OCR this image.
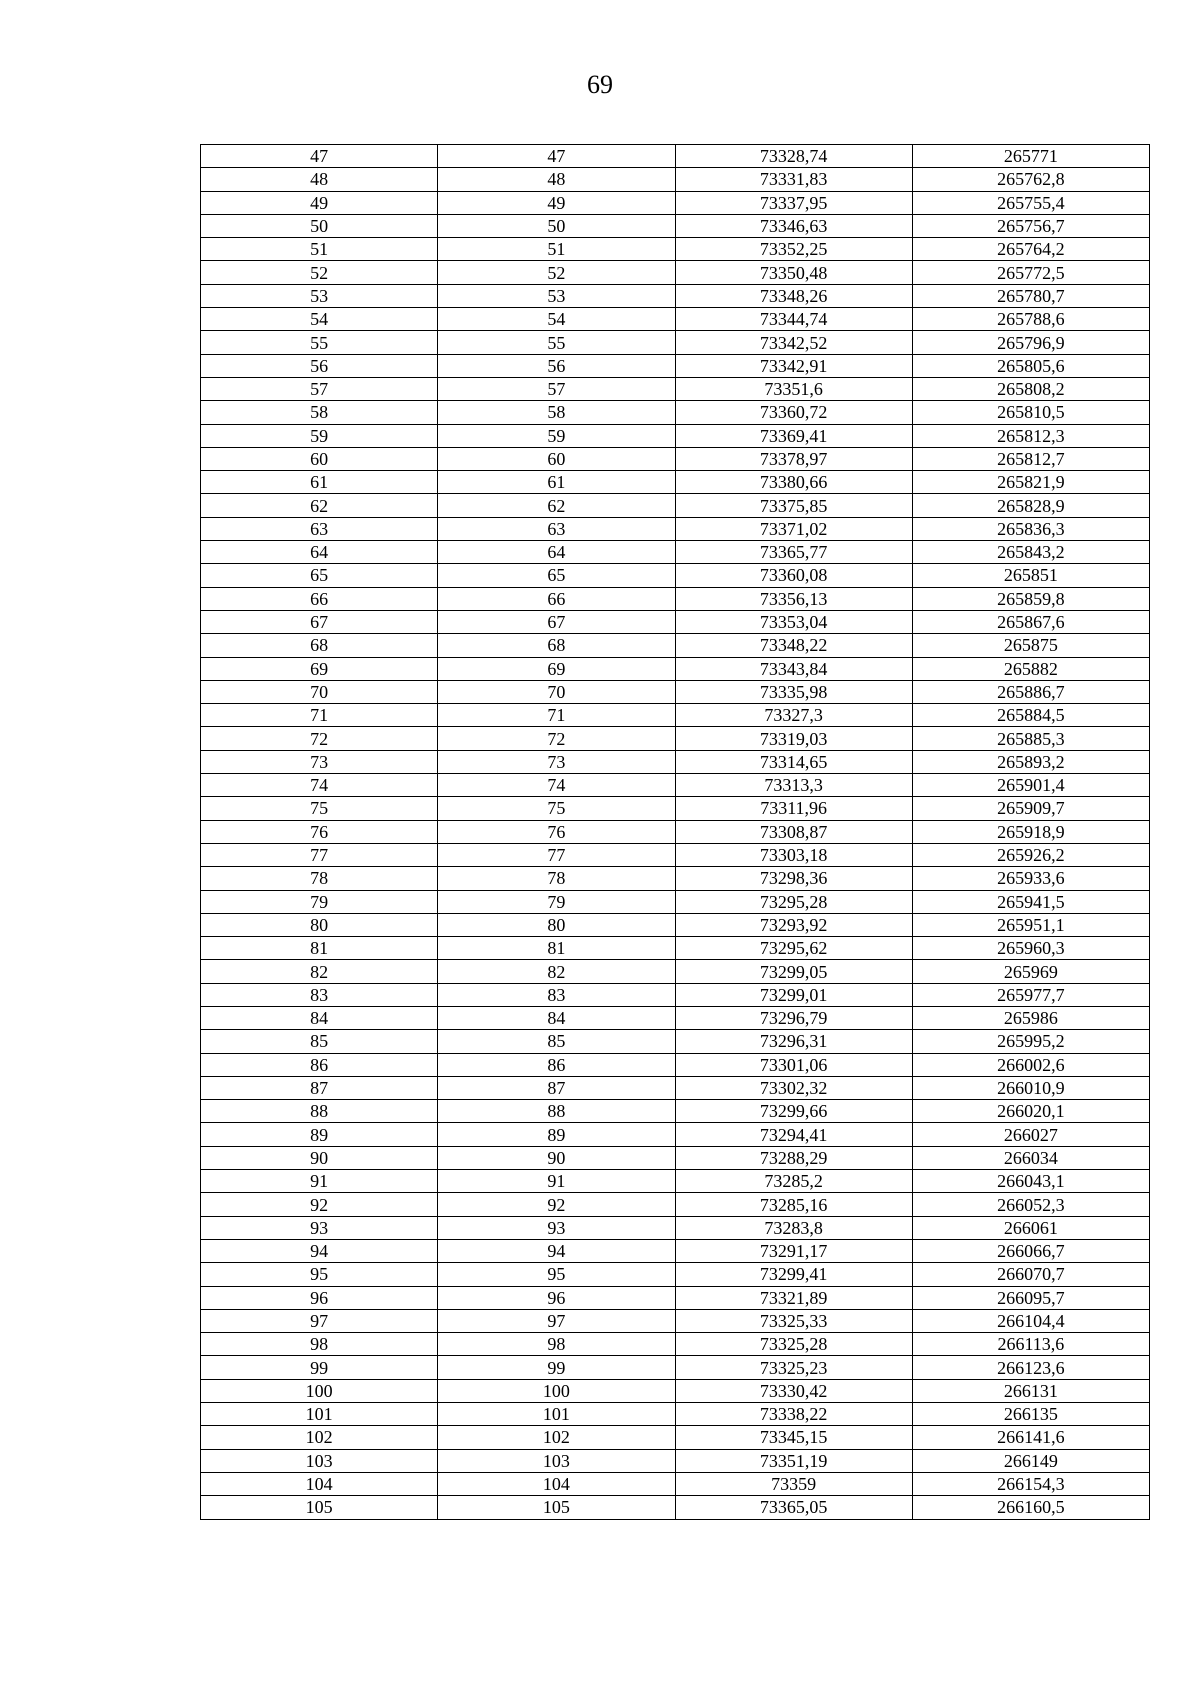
69
47	47	73328,74	265771
48	48	73331,83	265762,8
49	49	73337,95	265755,4
50	50	73346,63	265756,7
51	51	73352,25	265764,2
52	52	73350,48	265772,5
53	53	73348,26	265780,7
54	54	73344,74	265788,6
55	55	73342,52	265796,9
56	56	73342,91	265805,6
57	57	73351,6	265808,2
58	58	73360,72	265810,5
59	59	73369,41	265812,3
60	60	73378,97	265812,7
61	61	73380,66	265821,9
62	62	73375,85	265828,9
63	63	73371,02	265836,3
64	64	73365,77	265843,2
65	65	73360,08	265851
66	66	73356,13	265859,8
67	67	73353,04	265867,6
68	68	73348,22	265875
69	69	73343,84	265882
70	70	73335,98	265886,7
71	71	73327,3	265884,5
72	72	73319,03	265885,3
73	73	73314,65	265893,2
74	74	73313,3	265901,4
75	75	73311,96	265909,7
76	76	73308,87	265918,9
77	77	73303,18	265926,2
78	78	73298,36	265933,6
79	79	73295,28	265941,5
80	80	73293,92	265951,1
81	81	73295,62	265960,3
82	82	73299,05	265969
83	83	73299,01	265977,7
84	84	73296,79	265986
85	85	73296,31	265995,2
86	86	73301,06	266002,6
87	87	73302,32	266010,9
88	88	73299,66	266020,1
89	89	73294,41	266027
90	90	73288,29	266034
91	91	73285,2	266043,1
92	92	73285,16	266052,3
93	93	73283,8	266061
94	94	73291,17	266066,7
95	95	73299,41	266070,7
96	96	73321,89	266095,7
97	97	73325,33	266104,4
98	98	73325,28	266113,6
99	99	73325,23	266123,6
100	100	73330,42	266131
101	101	73338,22	266135
102	102	73345,15	266141,6
103	103	73351,19	266149
104	104	73359	266154,3
105	105	73365,05	266160,5
